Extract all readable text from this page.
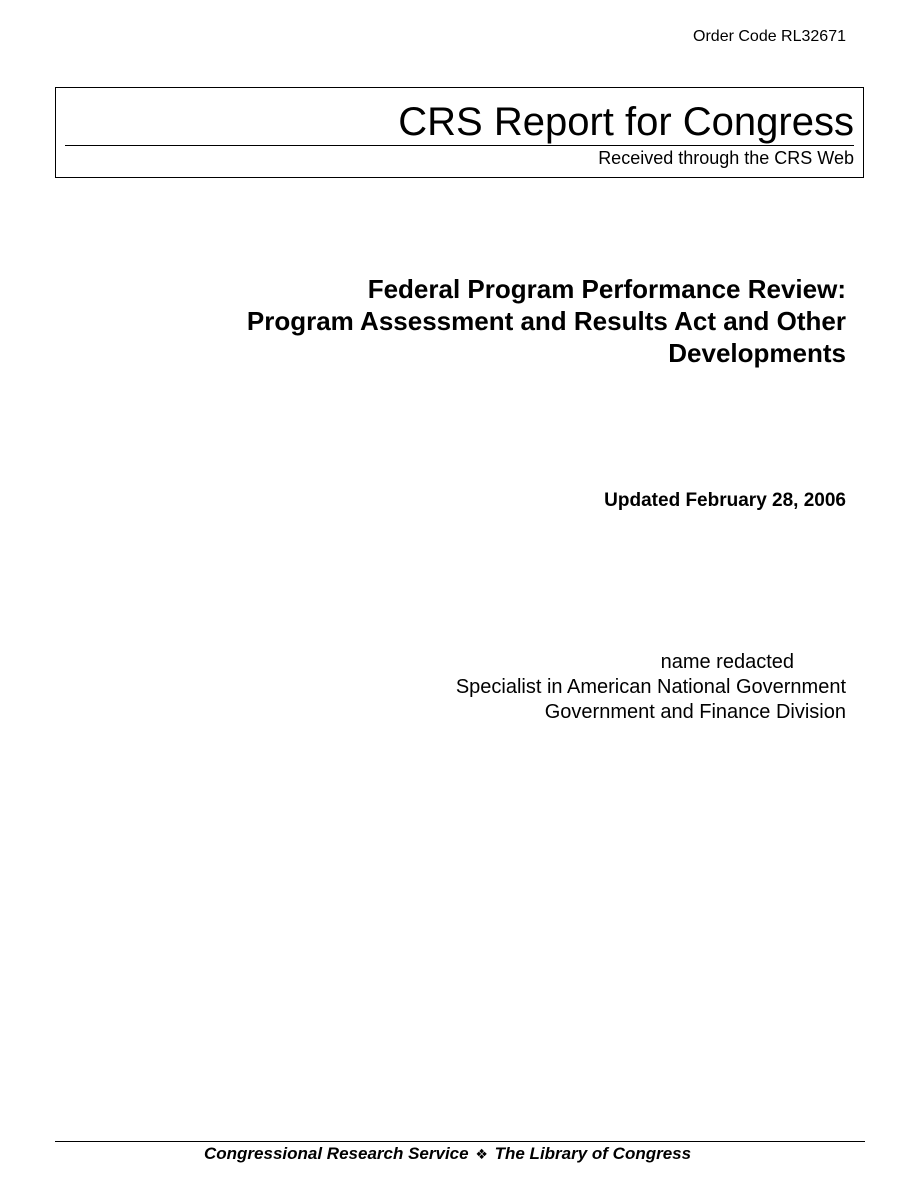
Order Code RL32671
CRS Report for Congress
Received through the CRS Web
Federal Program Performance Review:
Program Assessment and Results Act and Other
Developments
Updated February 28, 2006
name redacted
Specialist in American National Government
Government and Finance Division
Congressional Research Service ❖ The Library of Congress
